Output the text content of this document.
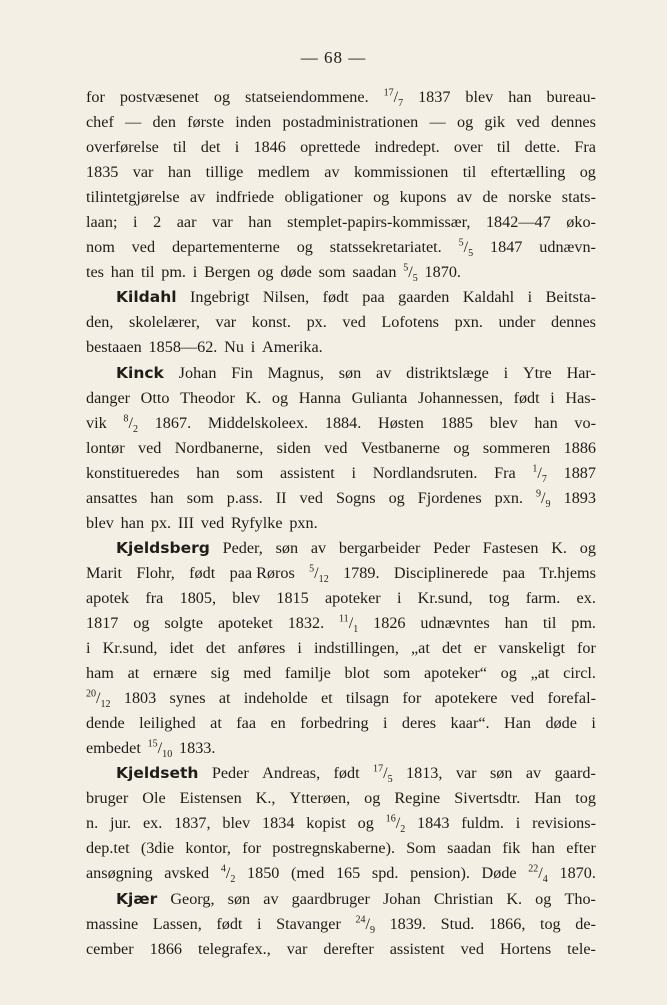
— 68 —
for postvæsenet og statseiendommene. $^{17}/_7$ 1837 blev han bureau-
chef — den første inden postadministrationen — og gik ved dennes
overførelse til det i 1846 oprettede indredept. over til dette. Fra
1835 var han tillige medlem av kommissionen til eftertælling og
tilintetgjørelse av indfriede obligationer og kupons av de norske stats-
laan; i 2 aar var han stemplet-papirs-kommissær, 1842—47 øko-
nom ved departementerne og statssekretariatet. $^5/_5$ 1847 udnævn-
tes han til pm. i Bergen og døde som saadan $^5/_5$ 1870.
Kildahl Ingebrigt Nilsen, født paa gaarden Kaldahl i Beitsta-
den, skolelærer, var konst. px. ved Lofotens pxn. under dennes
bestaaen 1858—62. Nu i Amerika.
Kinck Johan Fin Magnus, søn av distriktslæge i Ytre Har-
danger Otto Theodor K. og Hanna Gulianta Johannessen, født i Has-
vik $^8/_2$ 1867. Middelskoleex. 1884. Høsten 1885 blev han vo-
lontør ved Nordbanerne, siden ved Vestbanerne og sommeren 1886
konstitueredes han som assistent i Nordlandsruten. Fra $^1/_7$ 1887
ansattes han som p.ass. II ved Sogns og Fjordenes pxn. $^9/_9$ 1893
blev han px. III ved Ryfylke pxn.
Kjeldsberg Peder, søn av bergarbeider Peder Fastesen K. og
Marit Flohr, født paa Røros $^5/_{12}$ 1789. Disciplinerede paa Tr.hjems
apotek fra 1805, blev 1815 apoteker i Kr.sund, tog farm. ex.
1817 og solgte apoteket 1832. $^{11}/_1$ 1826 udnævntes han til pm.
i Kr.sund, idet det anføres i indstillingen, „at det er vanskeligt for
ham at ernære sig med familje blot som apoteker“ og „at circl.
$^{20}/_{12}$ 1803 synes at indeholde et tilsagn for apotekere ved forefal-
dende leilighed at faa en forbedring i deres kaar“. Han døde i
embedet $^{15}/_{10}$ 1833.
Kjeldseth Peder Andreas, født $^{17}/_5$ 1813, var søn av gaard-
bruger Ole Eistensen K., Ytterøen, og Regine Sivertsdtr. Han tog
n. jur. ex. 1837, blev 1834 kopist og $^{16}/_2$ 1843 fuldm. i revisions-
dep.tet (3die kontor, for postregnskaberne). Som saadan fik han efter
ansøgning avsked $^4/_2$ 1850 (med 165 spd. pension). Døde $^{22}/_4$ 1870.
Kjær Georg, søn av gaardbruger Johan Christian K. og Tho-
massine Lassen, født i Stavanger $^{24}/_9$ 1839. Stud. 1866, tog de-
cember 1866 telegrafex., var derefter assistent ved Hortens tele-
